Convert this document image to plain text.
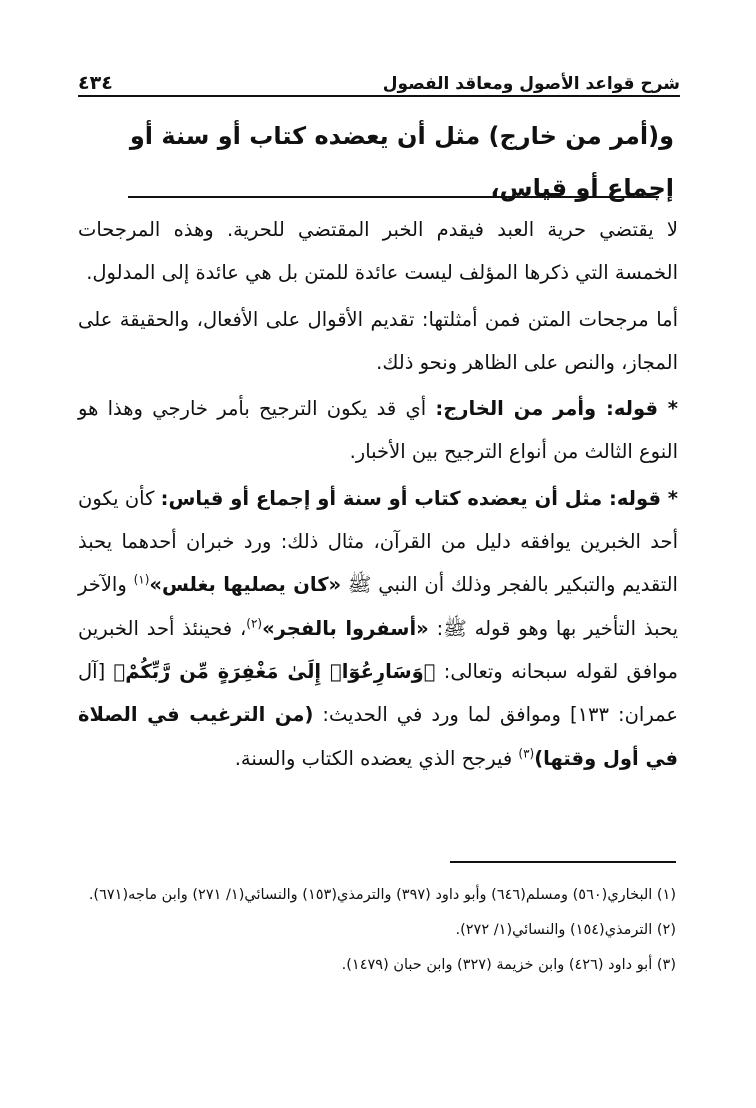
شرح قواعد الأصول ومعاقد الفصول
٤٣٤
و(أمر من خارج) مثل أن يعضده كتاب أو سنة أو إجماع أو قياس،

لا يقتضي حرية العبد فيقدم الخبر المقتضي للحرية. وهذه المرجحات الخمسة التي ذكرها المؤلف ليست عائدة للمتن بل هي عائدة إلى المدلول.

أما مرجحات المتن فمن أمثلتها: تقديم الأقوال على الأفعال، والحقيقة على المجاز، والنص على الظاهر ونحو ذلك.

* قوله: وأمر من الخارج: أي قد يكون الترجيح بأمر خارجي وهذا هو النوع الثالث من أنواع الترجيح بين الأخبار.

* قوله: مثل أن يعضده كتاب أو سنة أو إجماع أو قياس: كأن يكون أحد الخبرين يوافقه دليل من القرآن، مثال ذلك: ورد خبران أحدهما يحبذ التقديم والتبكير بالفجر وذلك أن النبي ﷺ «كان يصليها بغلس»$^{(١)}$ والآخر يحبذ التأخير بها وهو قوله ﷺ: «أسفروا بالفجر»$^{(٢)}$، فحينئذ أحد الخبرين موافق لقوله سبحانه وتعالى: ﴿وَسَارِعُوٓا۟ إِلَىٰ مَغْفِرَةٍ مِّن رَّبِّكُمْ﴾ [آل عمران: ١٣٣] وموافق لما ورد في الحديث: (من الترغيب في الصلاة في أول وقتها)$^{(٣)}$ فيرجح الذي يعضده الكتاب والسنة.

(١) البخاري(٥٦٠) ومسلم(٦٤٦) وأبو داود (٣٩٧) والترمذي(١٥٣) والنسائي(١/ ٢٧١) وابن ماجه(٦٧١).

(٢) الترمذي(١٥٤) والنسائي(١/ ٢٧٢).

(٣) أبو داود (٤٢٦) وابن خزيمة (٣٢٧) وابن حبان (١٤٧٩).
